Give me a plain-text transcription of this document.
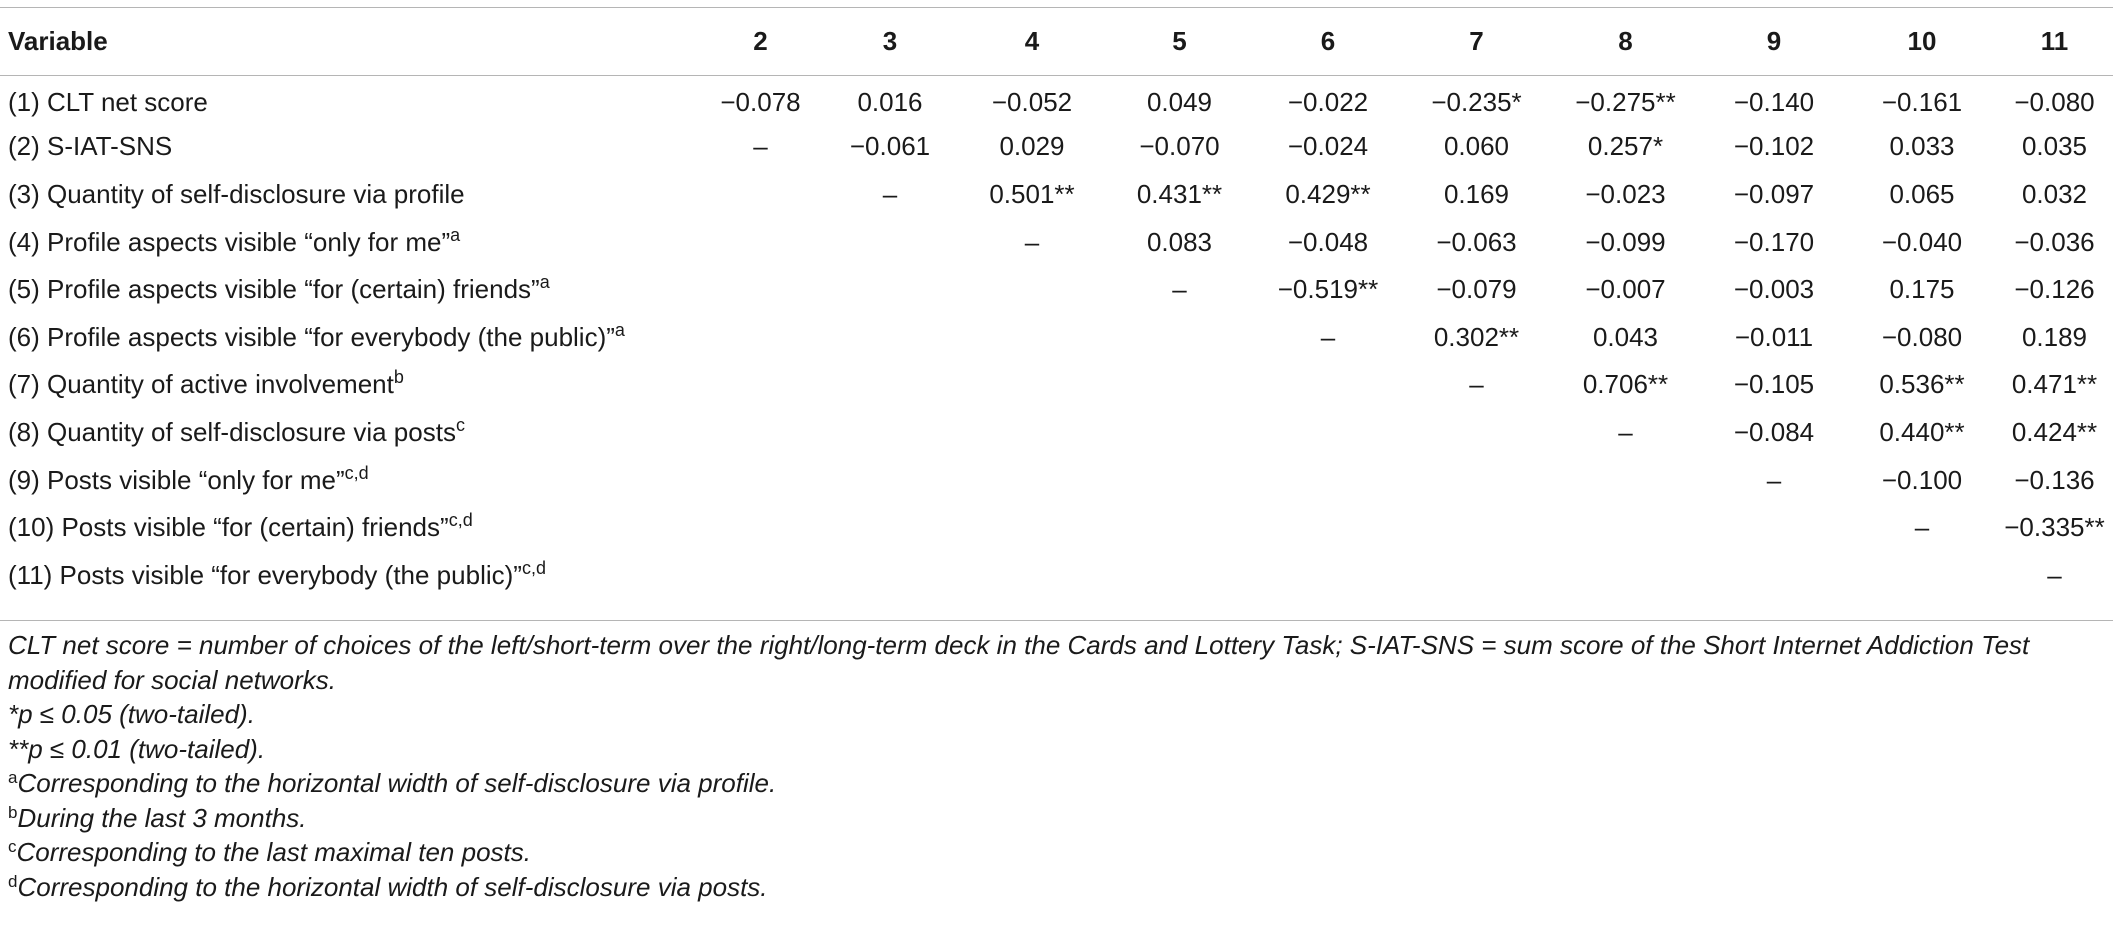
Variable	2	3	4	5	6	7	8	9	10	11
(1) CLT net score	−0.078	0.016	−0.052	0.049	−0.022	−0.235*	−0.275**	−0.140	−0.161	−0.080
(2) S-IAT-SNS	–	−0.061	0.029	−0.070	−0.024	0.060	0.257*	−0.102	0.033	0.035
(3) Quantity of self-disclosure via profile		–	0.501**	0.431**	0.429**	0.169	−0.023	−0.097	0.065	0.032
(4) Profile aspects visible “only for me”$^a$			–	0.083	−0.048	−0.063	−0.099	−0.170	−0.040	−0.036
(5) Profile aspects visible “for (certain) friends”$^a$				–	−0.519**	−0.079	−0.007	−0.003	0.175	−0.126
(6) Profile aspects visible “for everybody (the public)”$^a$					–	0.302**	0.043	−0.011	−0.080	0.189
(7) Quantity of active involvement$^b$						–	0.706**	−0.105	0.536**	0.471**
(8) Quantity of self-disclosure via posts$^c$							–	−0.084	0.440**	0.424**
(9) Posts visible “only for me”$^{c,d}$								–	−0.100	−0.136
(10) Posts visible “for (certain) friends”$^{c,d}$									–	−0.335**
(11) Posts visible “for everybody (the public)”$^{c,d}$										–

CLT net score = number of choices of the left/short-term over the right/long-term deck in the Cards and Lottery Task; S-IAT-SNS = sum score of the Short Internet Addiction Test modified for social networks.

*p ≤ 0.05 (two-tailed).

**p ≤ 0.01 (two-tailed).

$^a$Corresponding to the horizontal width of self-disclosure via profile.

$^b$During the last 3 months.

$^c$Corresponding to the last maximal ten posts.

$^d$Corresponding to the horizontal width of self-disclosure via posts.
